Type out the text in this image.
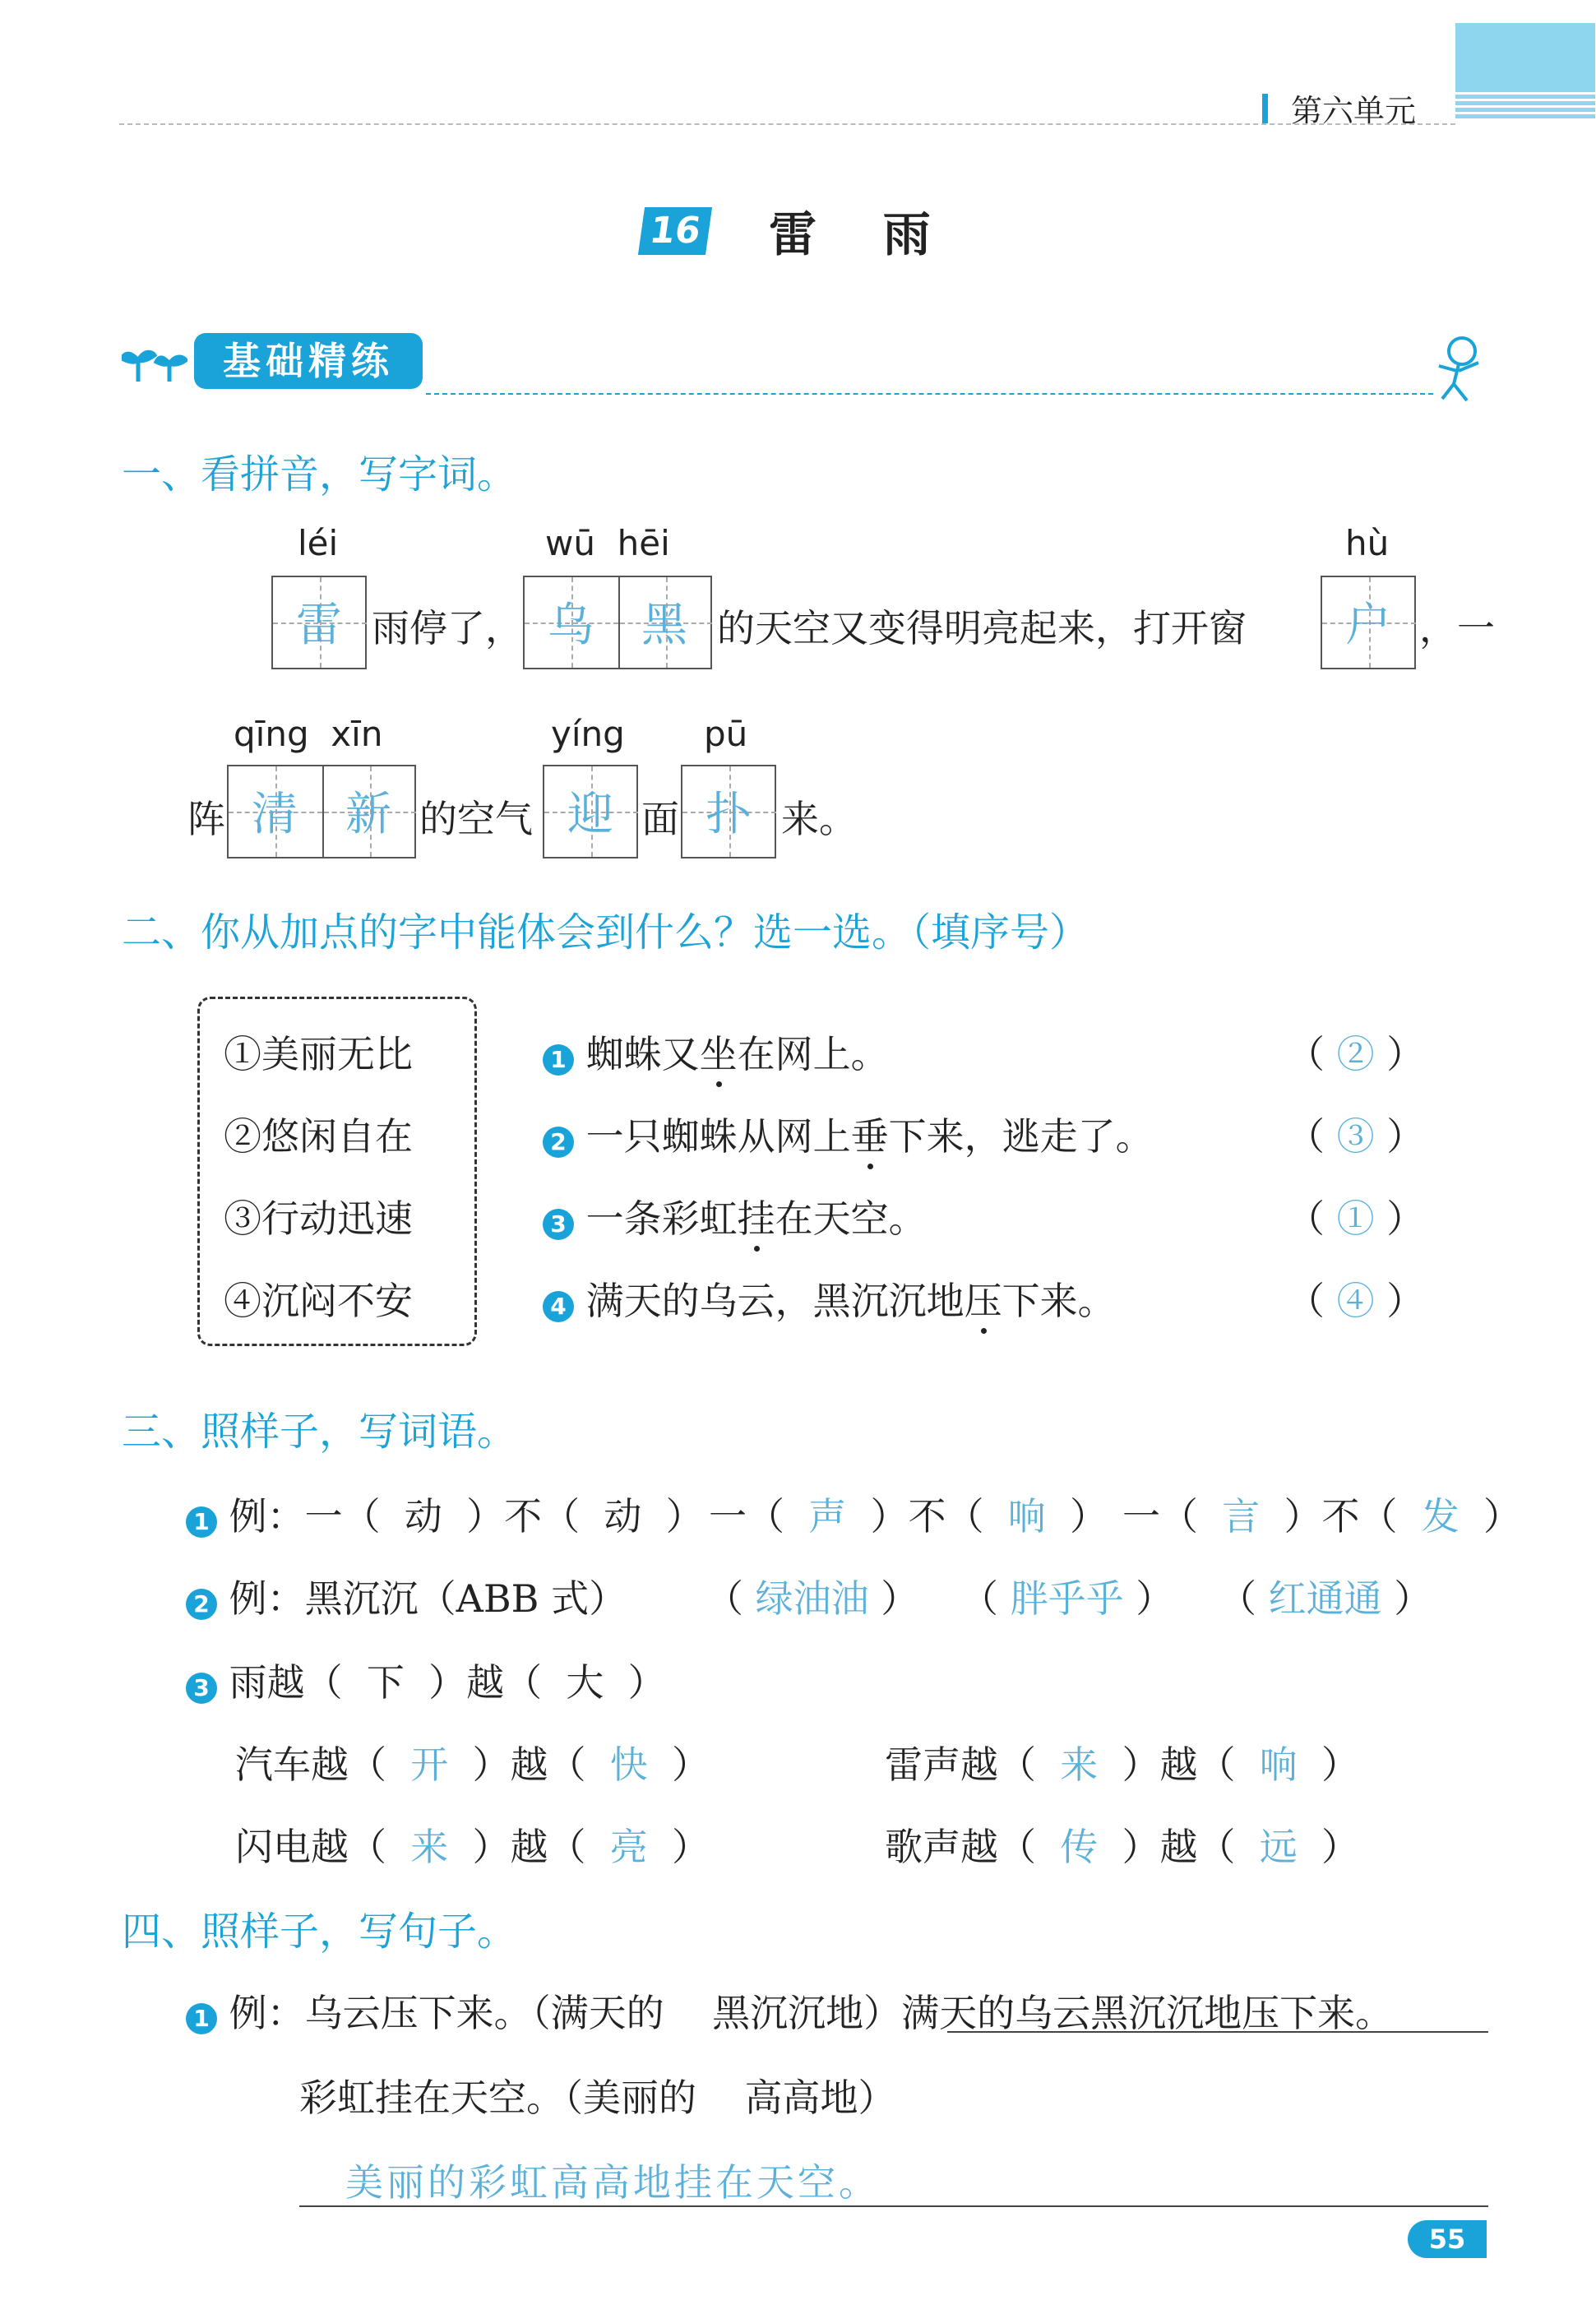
第六单元
16 雷    雨
基础精练
一、看拼音，写字词。
léi	wū  hēi	hù
雷 雨停了， 乌	黑 的天空又变得明亮起来，打开窗	户 ，一
qīng  xīn	yíng pū
阵 清	新 的空气 迎 面 扑 来。
二、你从加点的字中能体会到什么？选一选。（填序号）
①美丽无比
②悠闲自在
③行动迅速
④沉闷不安
1 蜘蛛又坐在网上。
2 一只蜘蛛从网上垂下来，逃走了。
3 一条彩虹挂在天空。
4 满天的乌云，黑沉沉地压下来。
（ ② ）
（ ③ ）
（ ① ）
（ ④ ）
三、照样子，写词语。
1 例：一（  动  ）不（  动  ） 一（  声  ）不（  响  ） 一（  言  ）不（  发  ）
2 例：黑沉沉（ABB 式） （ 绿油油 ） （ 胖乎乎 ） （ 红通通 ）
3 雨越（  下  ）越（  大  ）
汽车越（  开  ）越（  快  ）	雷声越（  来  ）越（  响  ）
闪电越（  来  ）越（  亮  ）	歌声越（  传  ）越（  远  ）
四、照样子，写句子。
1 例：乌云压下来。（满天的    黑沉沉地）满天的乌云黑沉沉地压下来。
彩虹挂在天空。（美丽的    高高地）
美丽的彩虹高高地挂在天空。
55
